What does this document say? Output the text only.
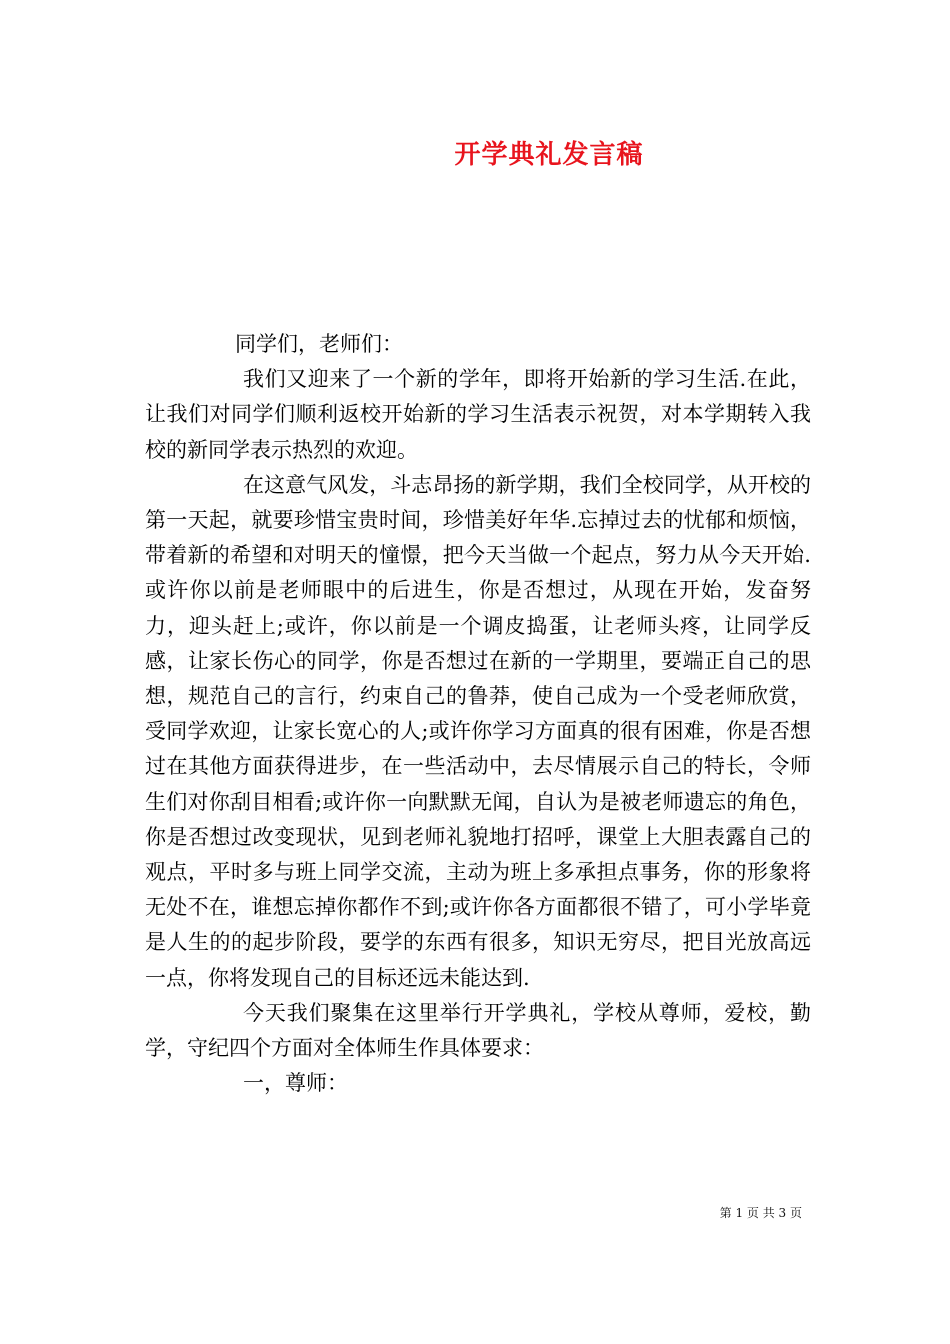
开学典礼发言稿

同学们，老师们：

我们又迎来了一个新的学年，即将开始新的学习生活.在此，让我们对同学们顺利返校开始新的学习生活表示祝贺，对本学期转入我校的新同学表示热烈的欢迎。

在这意气风发，斗志昂扬的新学期，我们全校同学，从开校的第一天起，就要珍惜宝贵时间，珍惜美好年华.忘掉过去的忧郁和烦恼，带着新的希望和对明天的憧憬，把今天当做一个起点，努力从今天开始.或许你以前是老师眼中的后进生，你是否想过，从现在开始，发奋努力，迎头赶上;或许，你以前是一个调皮捣蛋，让老师头疼，让同学反感，让家长伤心的同学，你是否想过在新的一学期里，要端正自己的思想，规范自己的言行，约束自己的鲁莽，使自己成为一个受老师欣赏，受同学欢迎，让家长宽心的人;或许你学习方面真的很有困难，你是否想过在其他方面获得进步，在一些活动中，去尽情展示自己的特长，令师生们对你刮目相看;或许你一向默默无闻，自认为是被老师遗忘的角色，你是否想过改变现状，见到老师礼貌地打招呼，课堂上大胆表露自己的观点，平时多与班上同学交流，主动为班上多承担点事务，你的形象将无处不在，谁想忘掉你都作不到;或许你各方面都很不错了，可小学毕竟是人生的的起步阶段，要学的东西有很多，知识无穷尽，把目光放高远一点，你将发现自己的目标还远未能达到.

今天我们聚集在这里举行开学典礼，学校从尊师，爱校，勤学，守纪四个方面对全体师生作具体要求：

一，尊师：

第 1 页 共 3 页
